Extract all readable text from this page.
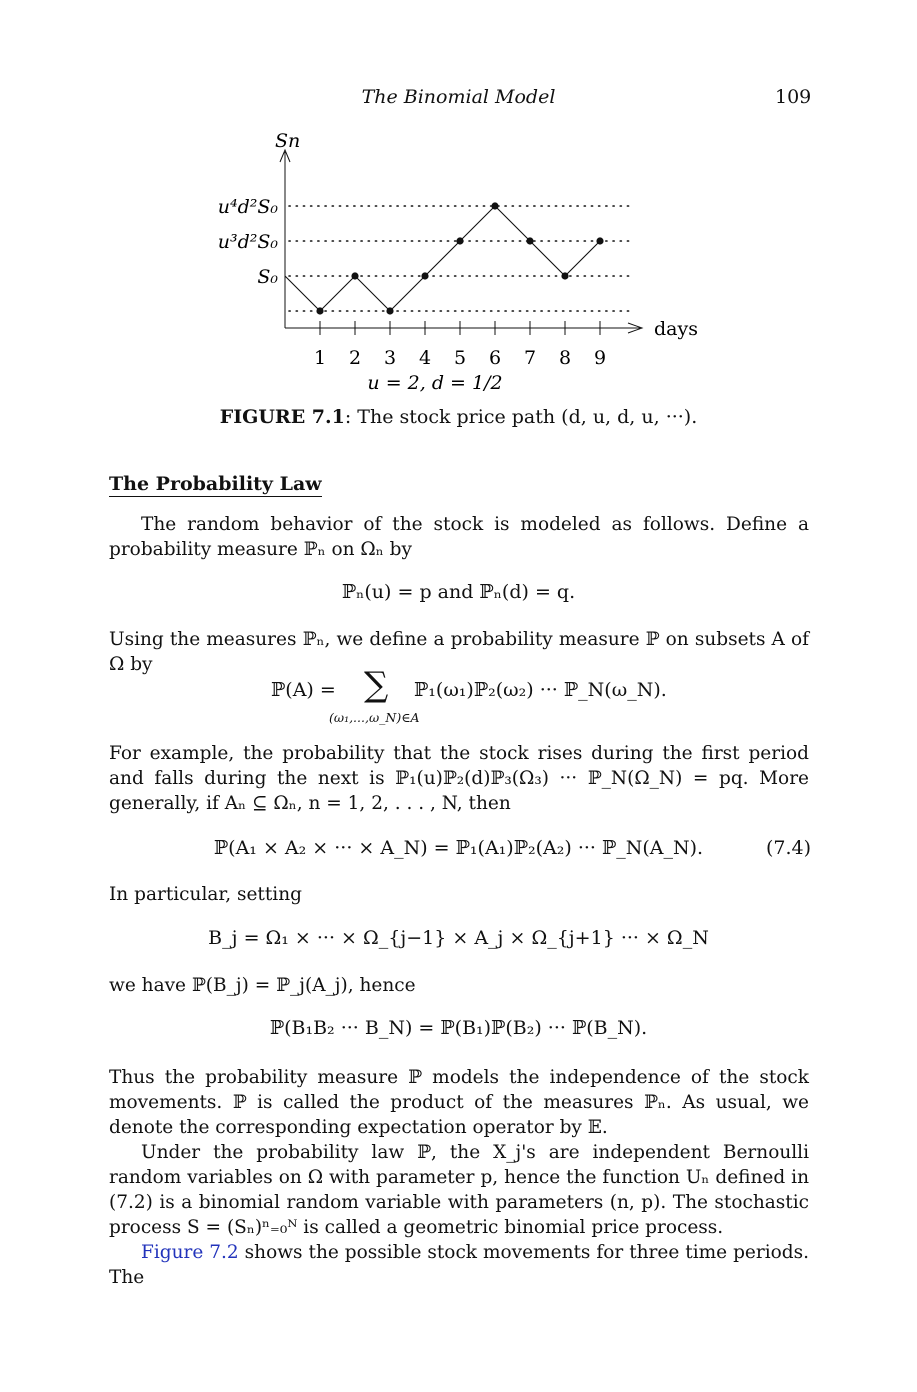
The Binomial Model	109
1 2 3 4 5 6 7 8 9
u⁴d²S₀
u³d²S₀
S₀
Sn
days
u = 2, d = 1/2
FIGURE 7.1: The stock price path (d, u, d, u, ···).
The Probability Law
The random behavior of the stock is modeled as follows. Define a probability measure ℙₙ on Ωₙ by
ℙₙ(u) = p and ℙₙ(d) = q.
Using the measures ℙₙ, we define a probability measure ℙ on subsets A of Ω by
ℙ(A) = ∑
(ω₁,...,ω_N)∈A
ℙ₁(ω₁)ℙ₂(ω₂) ··· ℙ_N(ω_N).
For example, the probability that the stock rises during the first period and falls during the next is ℙ₁(u)ℙ₂(d)ℙ₃(Ω₃) ··· ℙ_N(Ω_N) = pq. More generally, if Aₙ ⊆ Ωₙ, n = 1, 2, . . . , N, then
ℙ(A₁ × A₂ × ··· × A_N) = ℙ₁(A₁)ℙ₂(A₂) ··· ℙ_N(A_N).	(7.4)
In particular, setting
B_j = Ω₁ × ··· × Ω_{j−1} × A_j × Ω_{j+1} ··· × Ω_N
we have ℙ(B_j) = ℙ_j(A_j), hence
ℙ(B₁B₂ ··· B_N) = ℙ(B₁)ℙ(B₂) ··· ℙ(B_N).
Thus the probability measure ℙ models the independence of the stock movements. ℙ is called the product of the measures ℙₙ. As usual, we denote the corresponding expectation operator by 𝔼.
Under the probability law ℙ, the X_j's are independent Bernoulli random variables on Ω with parameter p, hence the function Uₙ defined in (7.2) is a binomial random variable with parameters (n, p). The stochastic process S = (Sₙ)ⁿ₌₀ᴺ is called a geometric binomial price process.
Figure 7.2 shows the possible stock movements for three time periods. The
